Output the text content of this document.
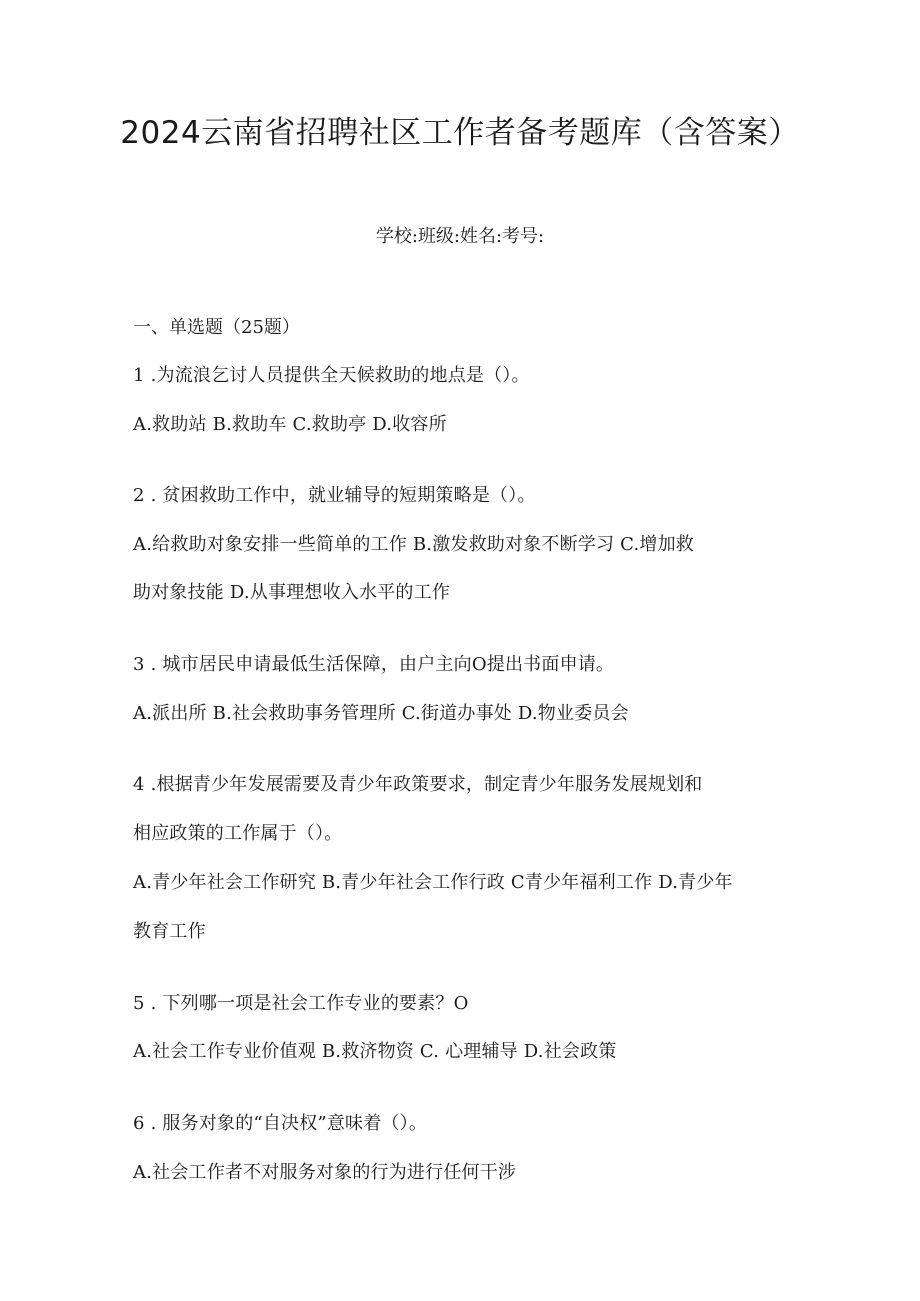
2024云南省招聘社区工作者备考题库（含答案）
学校:班级:姓名:考号:
一、单选题（25题）
1 .为流浪乞讨人员提供全天候救助的地点是（）。
A.救助站 B.救助车 C.救助亭 D.收容所
2 . 贫困救助工作中，就业辅导的短期策略是（）。
A.给救助对象安排一些简单的工作 B.激发救助对象不断学习 C.增加救
助对象技能 D.从事理想收入水平的工作
3 . 城市居民申请最低生活保障，由户主向O提出书面申请。
A.派出所 B.社会救助事务管理所 C.街道办事处 D.物业委员会
4 .根据青少年发展需要及青少年政策要求，制定青少年服务发展规划和
相应政策的工作属于（）。
A.青少年社会工作研究 B.青少年社会工作行政 C青少年福利工作 D.青少年
教育工作
5 . 下列哪一项是社会工作专业的要素？O
A.社会工作专业价值观 B.救济物资 C. 心理辅导 D.社会政策
6 . 服务对象的“自决权”意味着（）。
A.社会工作者不对服务对象的行为进行任何干涉
